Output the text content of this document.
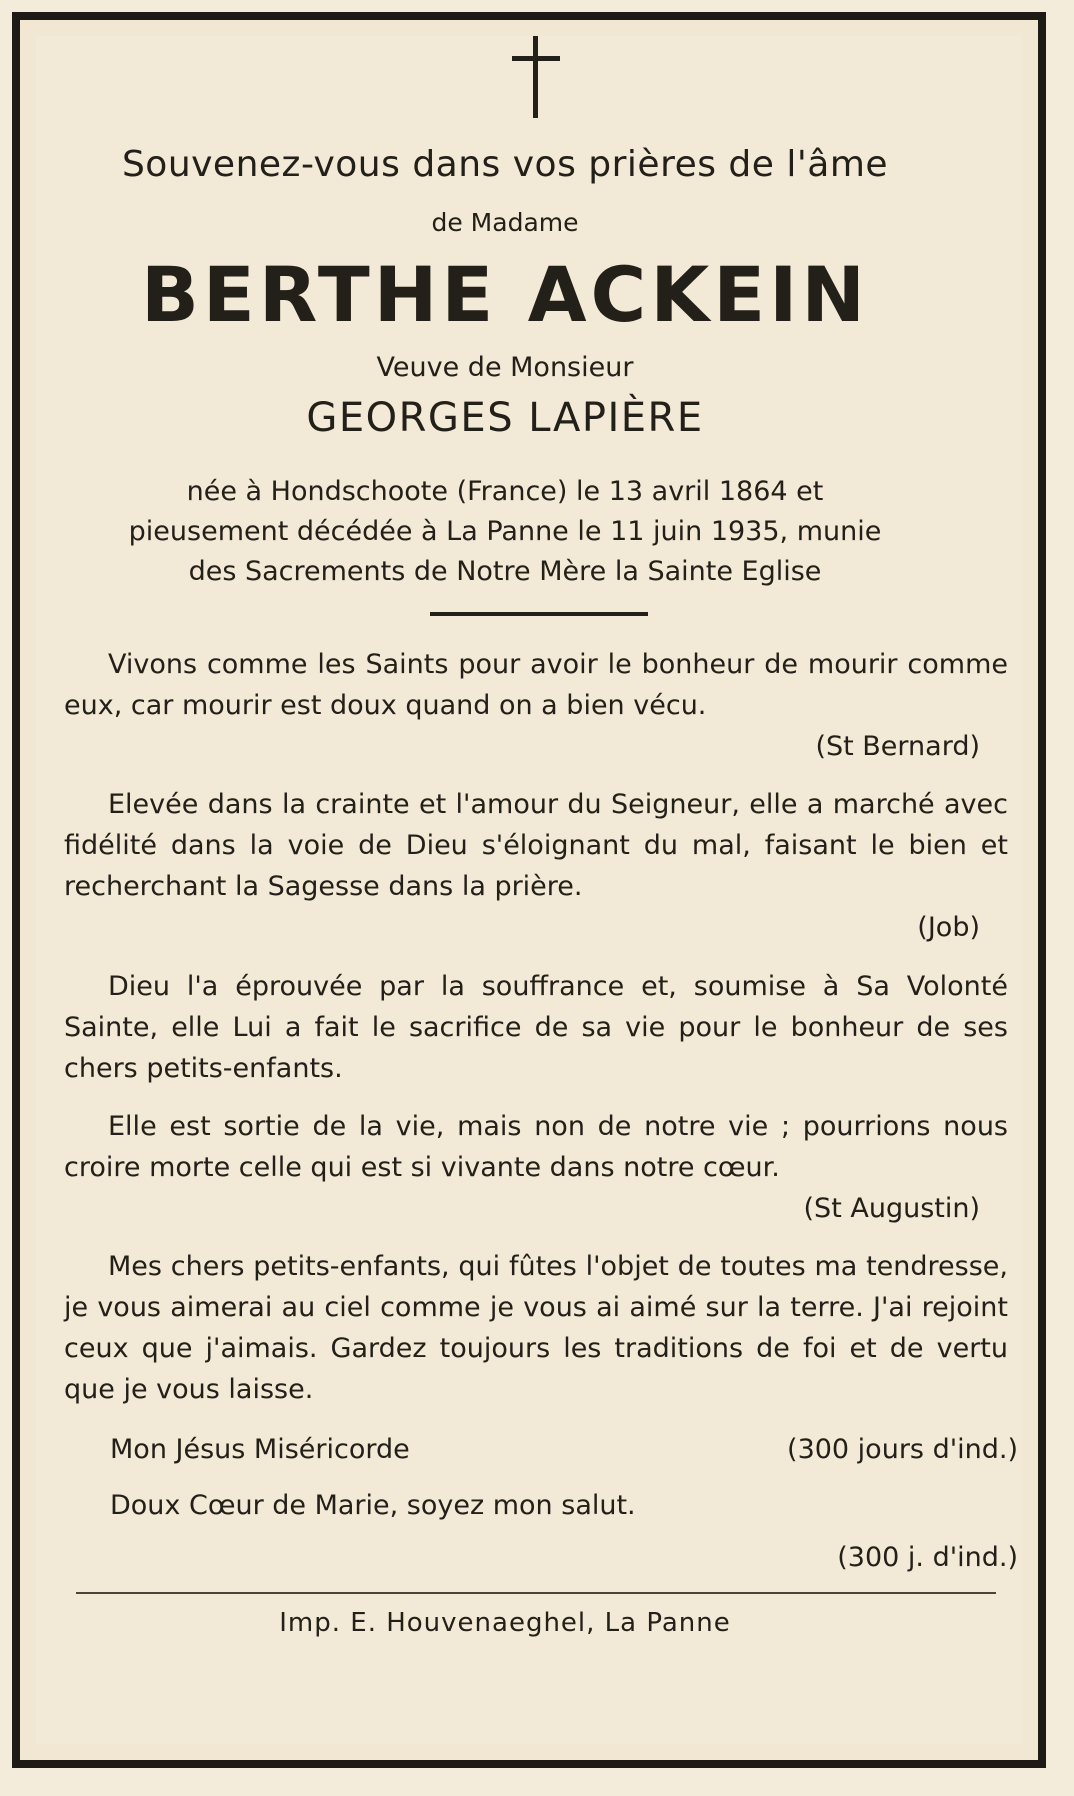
Souvenez-vous dans vos prières de l'âme
de Madame
BERTHE ACKEIN
Veuve de Monsieur
GEORGES LAPIÈRE
née à Hondschoote (France) le 13 avril 1864 et
pieusement décédée à La Panne le 11 juin 1935, munie
des Sacrements de Notre Mère la Sainte Eglise

Vivons comme les Saints pour avoir le bonheur de mourir comme eux, car mourir est doux quand on a bien vécu.

(St Bernard)

Elevée dans la crainte et l'amour du Seigneur, elle a marché avec fidélité dans la voie de Dieu s'éloignant du mal, faisant le bien et recherchant la Sagesse dans la prière.

(Job)

Dieu l'a éprouvée par la souffrance et, soumise à Sa Volonté Sainte, elle Lui a fait le sacrifice de sa vie pour le bonheur de ses chers petits-enfants.

Elle est sortie de la vie, mais non de notre vie ; pourrions nous croire morte celle qui est si vivante dans notre cœur.

(St Augustin)

Mes chers petits-enfants, qui fûtes l'objet de toutes ma tendresse, je vous aimerai au ciel comme je vous ai aimé sur la terre. J'ai rejoint ceux que j'aimais. Gardez toujours les traditions de foi et de vertu que je vous laisse.

Mon Jésus Miséricorde	(300 jours d'ind.)
Doux Cœur de Marie, soyez mon salut.
(300 j. d'ind.)
Imp. E. Houvenaeghel, La Panne
